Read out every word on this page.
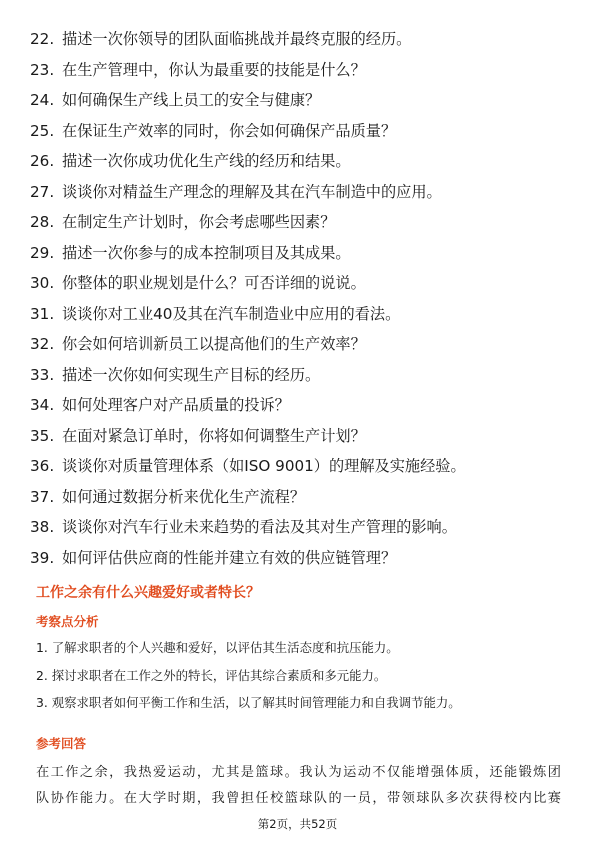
22. 描述一次你领导的团队面临挑战并最终克服的经历。
23. 在生产管理中，你认为最重要的技能是什么？
24. 如何确保生产线上员工的安全与健康？
25. 在保证生产效率的同时，你会如何确保产品质量？
26. 描述一次你成功优化生产线的经历和结果。
27. 谈谈你对精益生产理念的理解及其在汽车制造中的应用。
28. 在制定生产计划时，你会考虑哪些因素？
29. 描述一次你参与的成本控制项目及其成果。
30. 你整体的职业规划是什么？可否详细的说说。
31. 谈谈你对工业40及其在汽车制造业中应用的看法。
32. 你会如何培训新员工以提高他们的生产效率？
33. 描述一次你如何实现生产目标的经历。
34. 如何处理客户对产品质量的投诉？
35. 在面对紧急订单时，你将如何调整生产计划？
36. 谈谈你对质量管理体系（如ISO 9001）的理解及实施经验。
37. 如何通过数据分析来优化生产流程？
38. 谈谈你对汽车行业未来趋势的看法及其对生产管理的影响。
39. 如何评估供应商的性能并建立有效的供应链管理？
工作之余有什么兴趣爱好或者特长？
考察点分析
1. 了解求职者的个人兴趣和爱好，以评估其生活态度和抗压能力。
2. 探讨求职者在工作之外的特长，评估其综合素质和多元能力。
3. 观察求职者如何平衡工作和生活，以了解其时间管理能力和自我调节能力。
参考回答
在工作之余，我热爱运动，尤其是篮球。我认为运动不仅能增强体质，还能锻炼团
队协作能力。在大学时期，我曾担任校篮球队的一员，带领球队多次获得校内比赛
第2页，共52页
